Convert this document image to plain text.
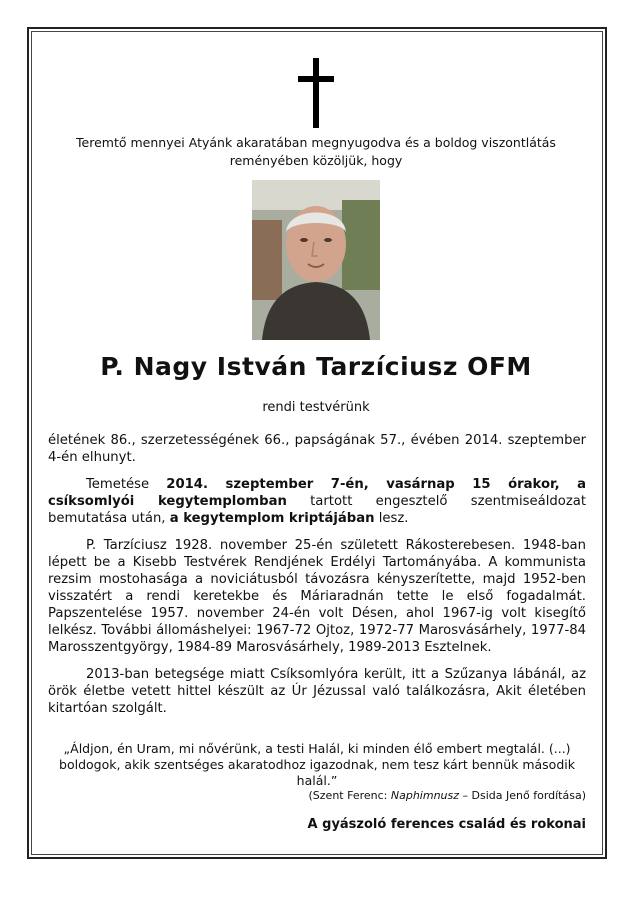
Teremtő mennyei Atyánk akaratában megnyugodva és a boldog viszontlátás reményében közöljük, hogy
P. Nagy István Tarzíciusz OFM
rendi testvérünk

életének 86., szerzetességének 66., papságának 57., évében 2014. szeptember 4-én elhunyt.

Temetése 2014. szeptember 7-én, vasárnap 15 órakor, a csíksomlyói kegytemplomban tartott engesztelő szentmiseáldozat bemutatása után, a kegytemplom kriptájában lesz.

P. Tarzíciusz 1928. november 25-én született Rákosterebesen. 1948-ban lépett be a Kisebb Testvérek Rendjének Erdélyi Tartományába. A kommunista rezsim mostohasága a noviciátusból távozásra kényszerítette, majd 1952-ben visszatért a rendi keretekbe és Máriaradnán tette le első fogadalmát. Papszentelése 1957. november 24-én volt Désen, ahol 1967-ig volt kisegítő lelkész. További állomáshelyei: 1967-72 Ojtoz, 1972-77 Marosvásárhely, 1977-84 Marosszentgyörgy, 1984-89 Marosvásárhely, 1989-2013 Esztelnek.

2013-ban betegsége miatt Csíksomlyóra került, itt a Szűzanya lábánál, az örök életbe vetett hittel készült az Úr Jézussal való találkozásra, Akit életében kitartóan szolgált.

„Áldjon, én Uram, mi nővérünk, a testi Halál, ki minden élő embert megtalál. (...) boldogok, akik szentséges akaratodhoz igazodnak, nem tesz kárt bennük második halál.”
(Szent Ferenc: Naphimnusz – Dsida Jenő fordítása)
A gyászoló ferences család és rokonai
